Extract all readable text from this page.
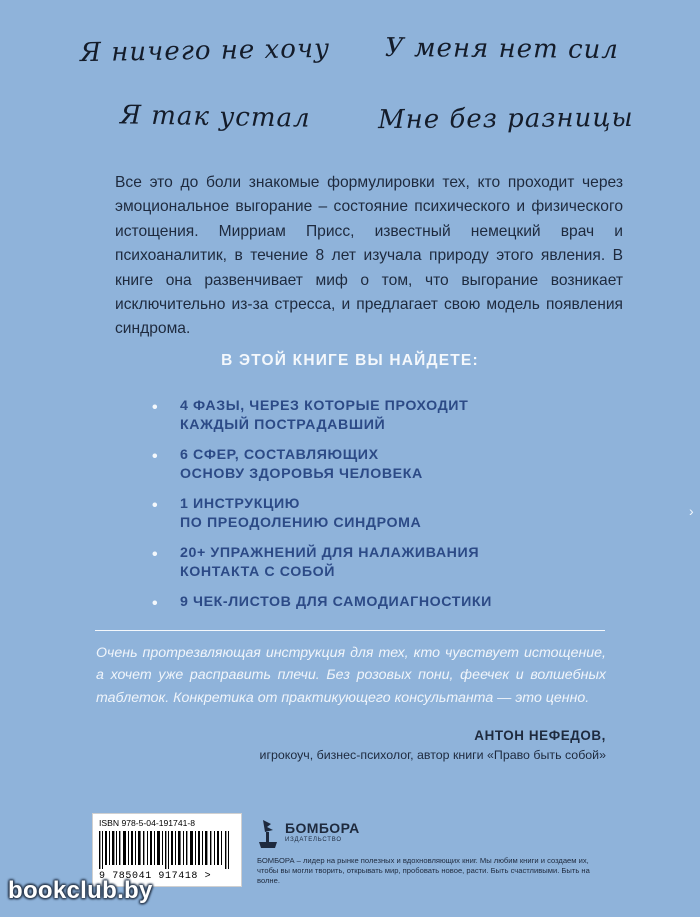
Я ничего не хочу У меня нет сил
Я так устал	Мне без разницы

Все это до боли знакомые формулировки тех, кто проходит через эмоциональное выгорание – состояние психического и физического истощения. Мирриам Присс, известный немецкий врач и психоаналитик, в течение 8 лет изучала природу этого явления. В книге она развенчивает миф о том, что выгорание возникает исключительно из-за стресса, и предлагает свою модель появления синдрома.

В ЭТОЙ КНИГЕ ВЫ НАЙДЕТЕ:
• 4 ФАЗЫ, ЧЕРЕЗ КОТОРЫЕ ПРОХОДИТ
КАЖДЫЙ ПОСТРАДАВШИЙ
• 6 СФЕР, СОСТАВЛЯЮЩИХ
ОСНОВУ ЗДОРОВЬЯ ЧЕЛОВЕКА
• 1 ИНСТРУКЦИЮ
ПО ПРЕОДОЛЕНИЮ СИНДРОМА
• 20+ УПРАЖНЕНИЙ ДЛЯ НАЛАЖИВАНИЯ
КОНТАКТА С СОБОЙ
• 9 ЧЕК-ЛИСТОВ ДЛЯ САМОДИАГНОСТИКИ

Очень протрезвляющая инструкция для тех, кто чувствует истощение, а хочет уже расправить плечи. Без розовых пони, феечек и волшебных таблеток. Конкретика от практикующего консультанта — это ценно.

АНТОН НЕФЕДОВ,
игрокоуч, бизнес-психолог, автор книги «Право быть собой»
ISBN 978-5-04-191741-8
9 785041 917418 >
БОМБОРА
ИЗДАТЕЛЬСТВО
БОМБОРА – лидер на рынке полезных и вдохновляющих книг. Мы любим книги и создаем их, чтобы вы могли творить, открывать мир, пробовать новое, расти. Быть счастливыми. Быть на волне.
bookclub.by
›
